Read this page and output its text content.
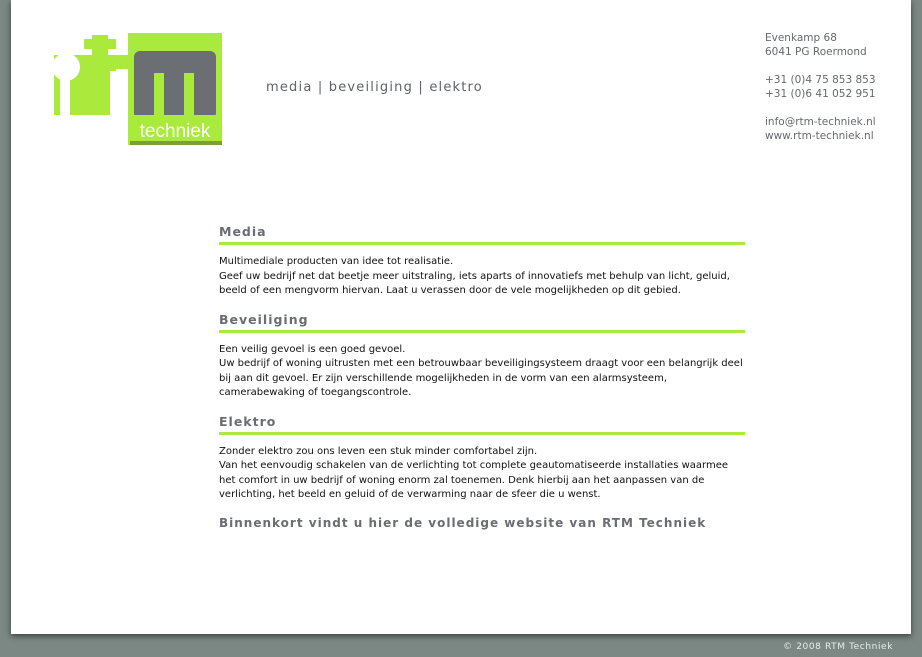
techniek
media | beveiliging | elektro
Evenkamp 68
6041 PG Roermond
+31 (0)4 75 853 853
+31 (0)6 41 052 951
info@rtm-techniek.nl
www.rtm-techniek.nl
Media

Multimediale producten van idee tot realisatie.

Geef uw bedrijf net dat beetje meer uitstraling, iets aparts of innovatiefs met behulp van licht, geluid, beeld of een mengvorm hiervan. Laat u verassen door de vele mogelijkheden op dit gebied.

Beveiliging

Een veilig gevoel is een goed gevoel.

Uw bedrijf of woning uitrusten met een betrouwbaar beveiligingsysteem draagt voor een belangrijk deel bij aan dit gevoel. Er zijn verschillende mogelijkheden in de vorm van een alarmsysteem, camerabewaking of toegangscontrole.

Elektro

Zonder elektro zou ons leven een stuk minder comfortabel zijn.

Van het eenvoudig schakelen van de verlichting tot complete geautomatiseerde installaties waarmee het comfort in uw bedrijf of woning enorm zal toenemen. Denk hierbij aan het aanpassen van de verlichting, het beeld en geluid of de verwarming naar de sfeer die u wenst.

Binnenkort vindt u hier de volledige website van RTM Techniek
© 2008 RTM Techniek
